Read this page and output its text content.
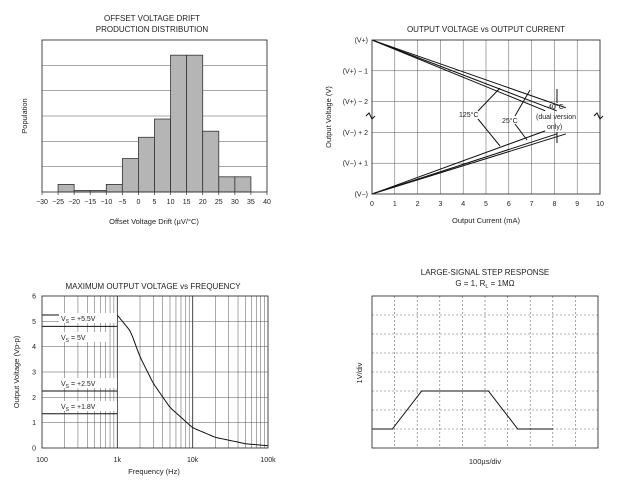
OFFSET VOLTAGE DRIFT
PRODUCTION DISTRIBUTION
−30 −25 −20 −15 −10 −5 0 5 10 15 20 25 30 35 40
Offset Voltage Drift (µV/°C)
Population
OUTPUT VOLTAGE vs OUTPUT CURRENT
0	1	2	3	4	5	6	7	8	9 10
(V−)
(V−) + 1
(V−) + 2
(V+) − 2
(V+) − 1
(V+)
Output Current (mA)
Output Voltage (V)	125°C
25°C
−40°C
(dual version
only)
MAXIMUM OUTPUT VOLTAGE vs FREQUENCY
100	1k	10k	100k
0
1
2
3
4
5
6
Frequency (Hz)
Output Voltage (Vp-p)
$V_S = +5.5V$
$V_S = 5V$
$V_S = +2.5V$
$V_S = +1.8V$
LARGE-SIGNAL STEP RESPONSE
G = 1, $R_L = 1M\Omega$
100µs/div
1V/div
